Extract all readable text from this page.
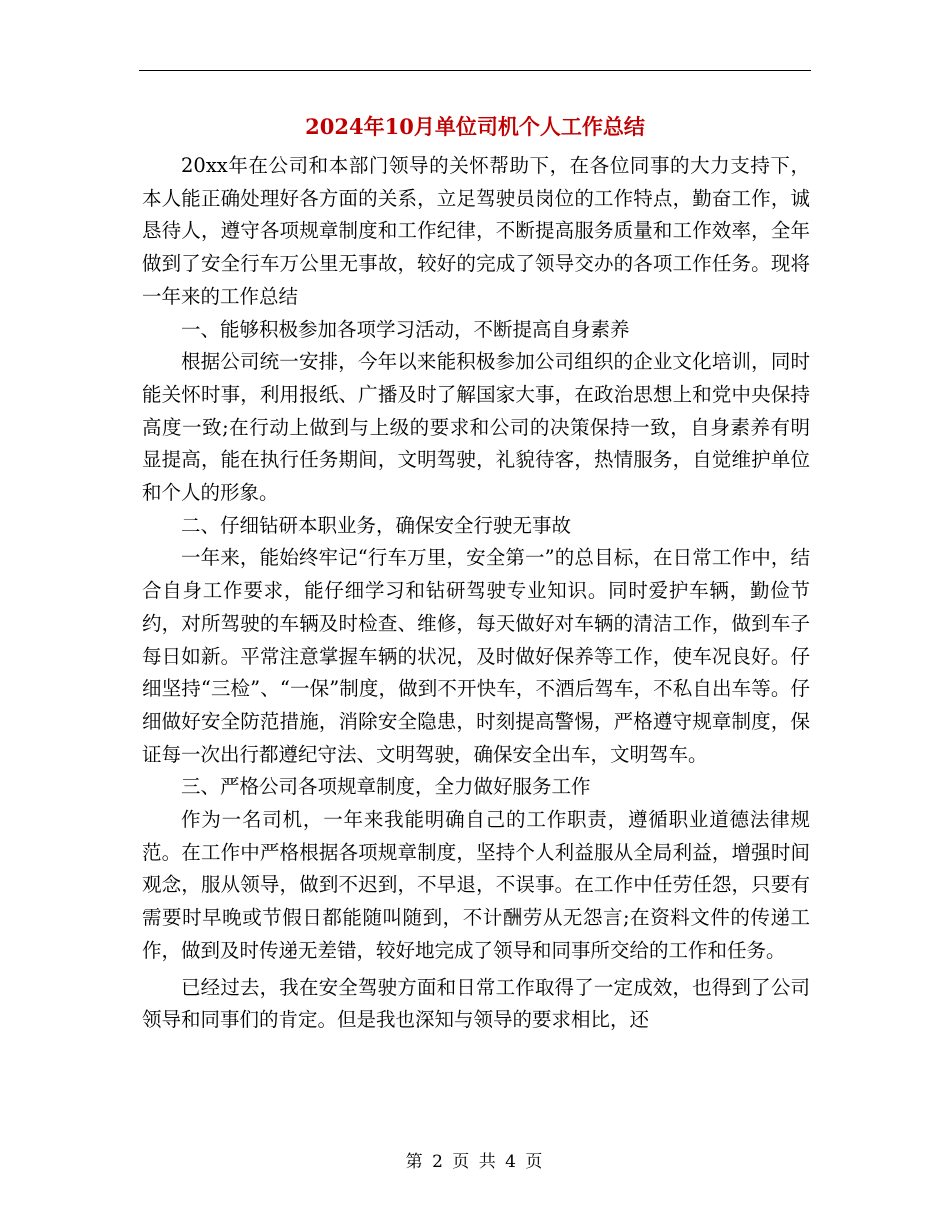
2024年10月单位司机个人工作总结

20xx年在公司和本部门领导的关怀帮助下，在各位同事的大力支持下，本人能正确处理好各方面的关系，立足驾驶员岗位的工作特点，勤奋工作，诚恳待人，遵守各项规章制度和工作纪律，不断提高服务质量和工作效率，全年做到了安全行车万公里无事故，较好的完成了领导交办的各项工作任务。现将一年来的工作总结

一、能够积极参加各项学习活动，不断提高自身素养

根据公司统一安排，今年以来能积极参加公司组织的企业文化培训，同时能关怀时事，利用报纸、广播及时了解国家大事，在政治思想上和党中央保持高度一致;在行动上做到与上级的要求和公司的决策保持一致，自身素养有明显提高，能在执行任务期间，文明驾驶，礼貌待客，热情服务，自觉维护单位和个人的形象。

二、仔细钻研本职业务，确保安全行驶无事故

一年来，能始终牢记“行车万里，安全第一”的总目标，在日常工作中，结合自身工作要求，能仔细学习和钻研驾驶专业知识。同时爱护车辆，勤俭节约，对所驾驶的车辆及时检查、维修，每天做好对车辆的清洁工作，做到车子每日如新。平常注意掌握车辆的状况，及时做好保养等工作，使车况良好。仔细坚持“三检”、“一保”制度，做到不开快车，不酒后驾车，不私自出车等。仔细做好安全防范措施，消除安全隐患，时刻提高警惕，严格遵守规章制度，保证每一次出行都遵纪守法、文明驾驶，确保安全出车，文明驾车。

三、严格公司各项规章制度，全力做好服务工作

作为一名司机，一年来我能明确自己的工作职责，遵循职业道德法律规范。在工作中严格根据各项规章制度，坚持个人利益服从全局利益，增强时间观念，服从领导，做到不迟到，不早退，不误事。在工作中任劳任怨，只要有需要时早晚或节假日都能随叫随到，不计酬劳从无怨言;在资料文件的传递工作，做到及时传递无差错，较好地完成了领导和同事所交给的工作和任务。

已经过去，我在安全驾驶方面和日常工作取得了一定成效，也得到了公司领导和同事们的肯定。但是我也深知与领导的要求相比，还

第 2 页 共 4 页
